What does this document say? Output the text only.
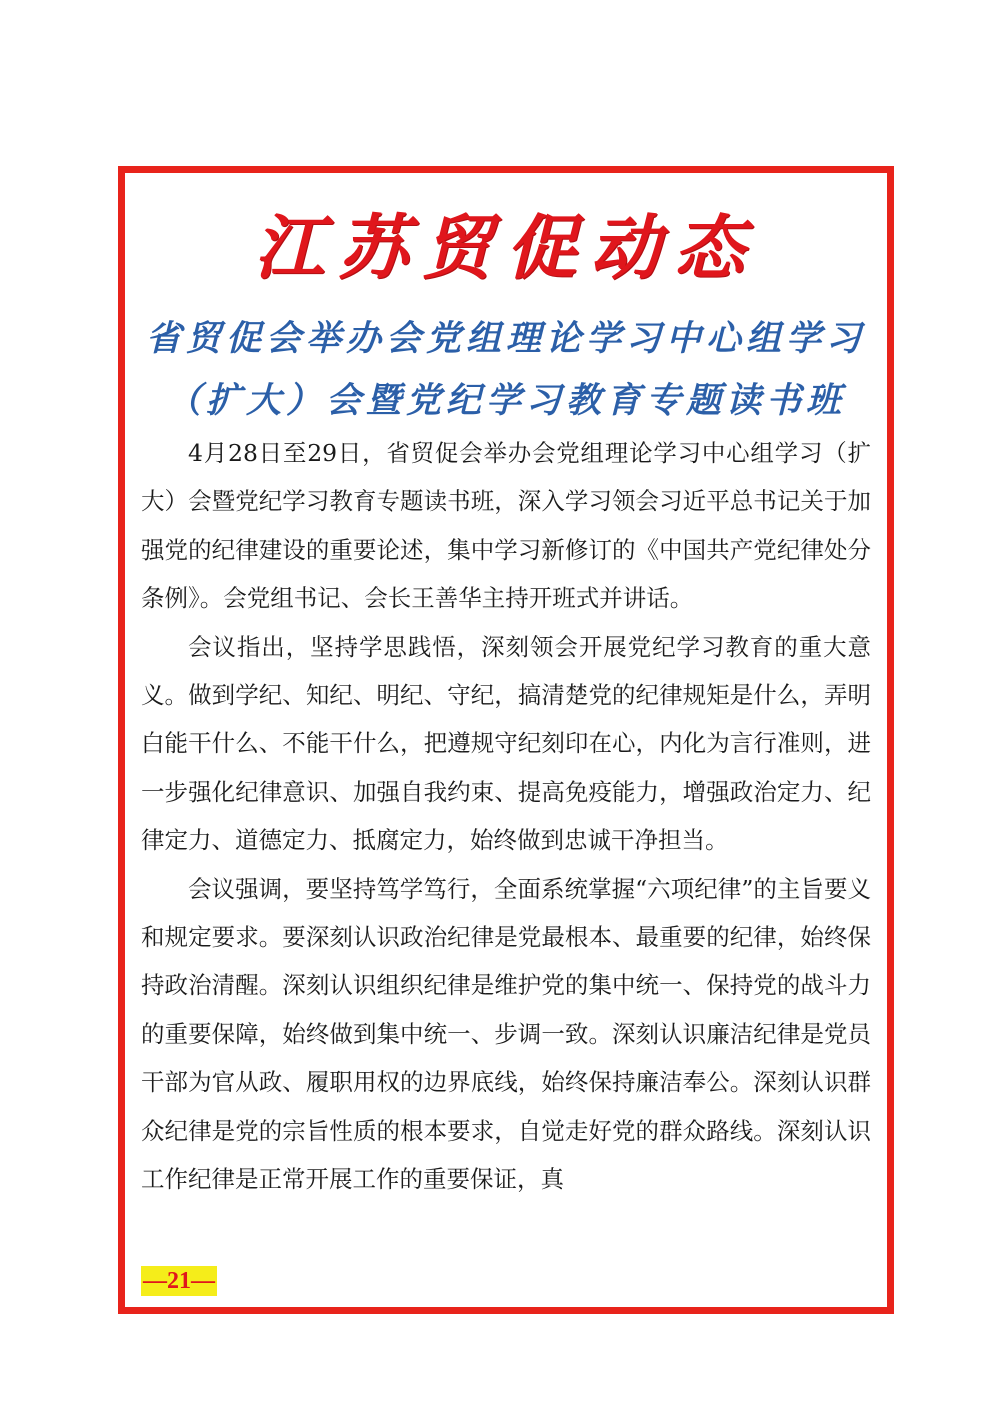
江苏贸促动态
省贸促会举办会党组理论学习中心组学习
（扩大）会暨党纪学习教育专题读书班

4月28日至29日，省贸促会举办会党组理论学习中心组学习（扩大）会暨党纪学习教育专题读书班，深入学习领会习近平总书记关于加强党的纪律建设的重要论述，集中学习新修订的《中国共产党纪律处分条例》。会党组书记、会长王善华主持开班式并讲话。

会议指出，坚持学思践悟，深刻领会开展党纪学习教育的重大意义。做到学纪、知纪、明纪、守纪，搞清楚党的纪律规矩是什么，弄明白能干什么、不能干什么，把遵规守纪刻印在心，内化为言行准则，进一步强化纪律意识、加强自我约束、提高免疫能力，增强政治定力、纪律定力、道德定力、抵腐定力，始终做到忠诚干净担当。

会议强调，要坚持笃学笃行，全面系统掌握“六项纪律”的主旨要义和规定要求。要深刻认识政治纪律是党最根本、最重要的纪律，始终保持政治清醒。深刻认识组织纪律是维护党的集中统一、保持党的战斗力的重要保障，始终做到集中统一、步调一致。深刻认识廉洁纪律是党员干部为官从政、履职用权的边界底线，始终保持廉洁奉公。深刻认识群众纪律是党的宗旨性质的根本要求，自觉走好党的群众路线。深刻认识工作纪律是正常开展工作的重要保证，真

—21—
